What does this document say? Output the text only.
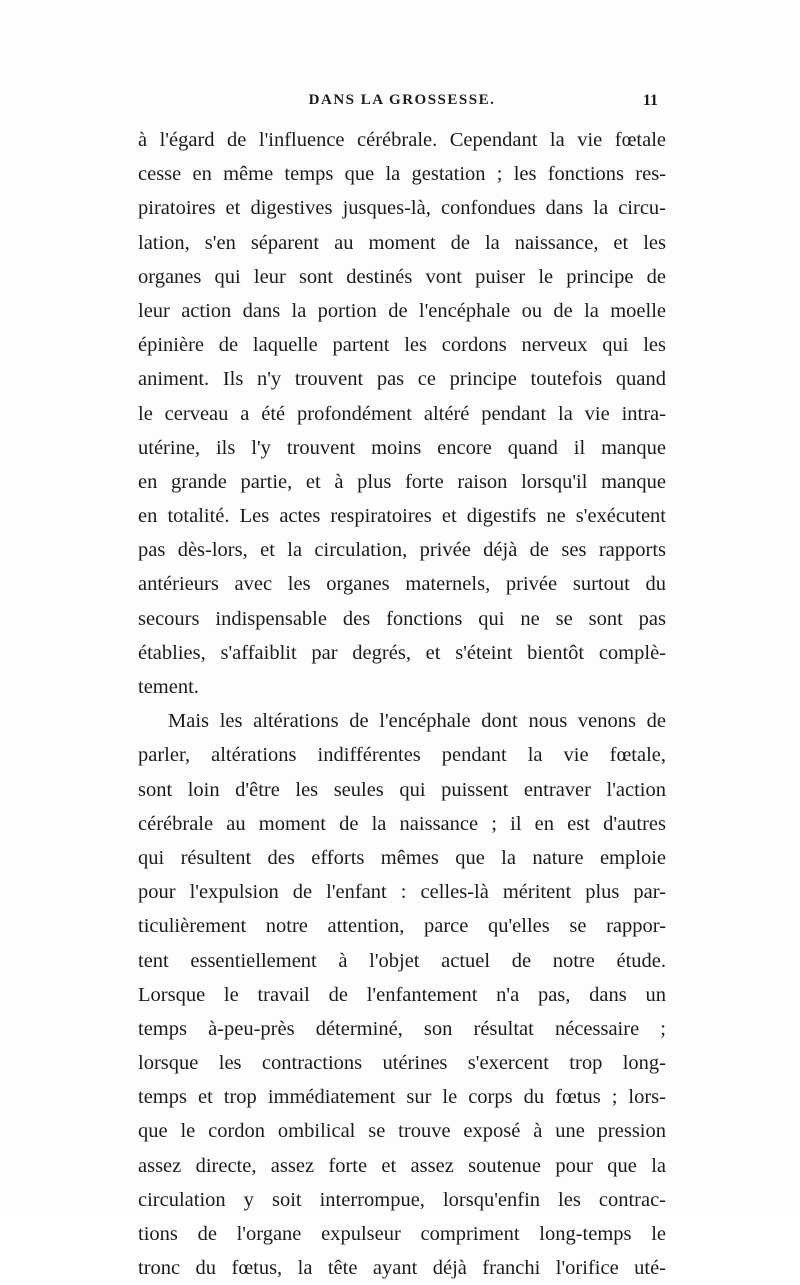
DANS LA GROSSESSE.	11
à l'égard de l'influence cérébrale. Cependant la vie fœtale
cesse en même temps que la gestation ; les fonctions res-
piratoires et digestives jusques-là, confondues dans la circu-
lation, s'en séparent au moment de la naissance, et les
organes qui leur sont destinés vont puiser le principe de
leur action dans la portion de l'encéphale ou de la moelle
épinière de laquelle partent les cordons nerveux qui les
animent. Ils n'y trouvent pas ce principe toutefois quand
le cerveau a été profondément altéré pendant la vie intra-
utérine, ils l'y trouvent moins encore quand il manque
en grande partie, et à plus forte raison lorsqu'il manque
en totalité. Les actes respiratoires et digestifs ne s'exécutent
pas dès-lors, et la circulation, privée déjà de ses rapports
antérieurs avec les organes maternels, privée surtout du
secours indispensable des fonctions qui ne se sont pas
établies, s'affaiblit par degrés, et s'éteint bientôt complè-
tement.
Mais les altérations de l'encéphale dont nous venons de
parler, altérations indifférentes pendant la vie fœtale,
sont loin d'être les seules qui puissent entraver l'action
cérébrale au moment de la naissance ; il en est d'autres
qui résultent des efforts mêmes que la nature emploie
pour l'expulsion de l'enfant : celles-là méritent plus par-
ticulièrement notre attention, parce qu'elles se rappor-
tent essentiellement à l'objet actuel de notre étude.
Lorsque le travail de l'enfantement n'a pas, dans un
temps à-peu-près déterminé, son résultat nécessaire ;
lorsque les contractions utérines s'exercent trop long-
temps et trop immédiatement sur le corps du fœtus ; lors-
que le cordon ombilical se trouve exposé à une pression
assez directe, assez forte et assez soutenue pour que la
circulation y soit interrompue, lorsqu'enfin les contrac-
tions de l'organe expulseur compriment long-temps le
tronc du fœtus, la tête ayant déjà franchi l'orifice uté-
